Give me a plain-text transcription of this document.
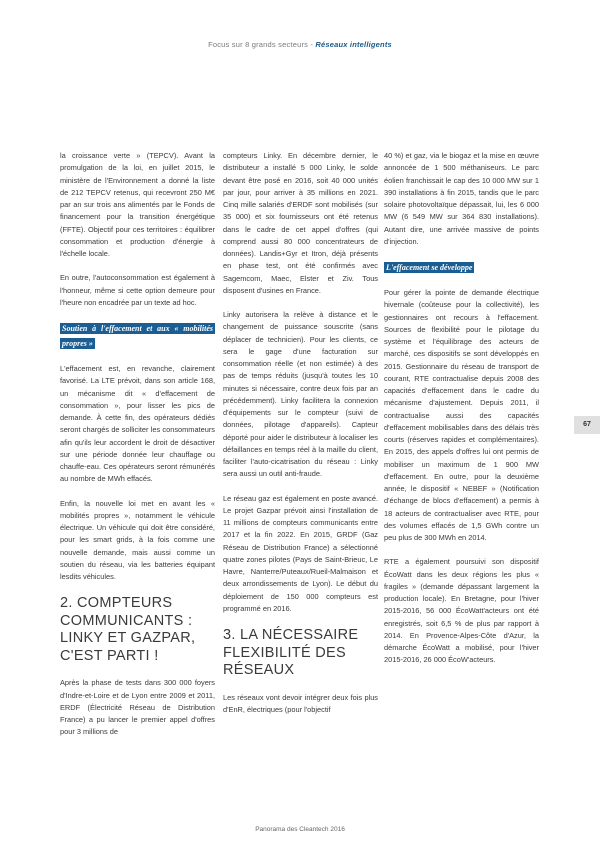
Focus sur 8 grands secteurs - Réseaux intelligents

la croissance verte » (TEPCV). Avant la promulgation de la loi, en juillet 2015, le ministère de l'Environnement a donné la liste de 212 TEPCV retenus, qui recevront 250 M€ par an sur trois ans alimentés par le Fonds de financement pour la transition énergétique (FFTE). Objectif pour ces territoires : équilibrer consommation et production d'énergie à l'échelle locale.

En outre, l'autoconsommation est également à l'honneur, même si cette option demeure pour l'heure non encadrée par un texte ad hoc.

Soutien à l'effacement et aux « mobilités propres »

L'effacement est, en revanche, clairement favorisé. La LTE prévoit, dans son article 168, un mécanisme dit « d'effacement de consommation », pour lisser les pics de demande. À cette fin, des opérateurs dédiés seront chargés de solliciter les consommateurs afin qu'ils leur accordent le droit de désactiver sur une période donnée leur chauffage ou chauffe-eau. Ces opérateurs seront rémunérés au nombre de MWh effacés.

Enfin, la nouvelle loi met en avant les « mobilités propres », notamment le véhicule électrique. Un véhicule qui doit être considéré, pour les smart grids, à la fois comme une nouvelle demande, mais aussi comme un soutien du réseau, via les batteries équipant lesdits véhicules.

2. COMPTEURS COMMUNICANTS : LINKY ET GAZPAR, C'EST PARTI !

Après la phase de tests dans 300 000 foyers d'Indre-et-Loire et de Lyon entre 2009 et 2011, ERDF (Électricité Réseau de Distribution France) a pu lancer le premier appel d'offres pour 3 millions de

compteurs Linky. En décembre dernier, le distributeur a installé 5 000 Linky, le solde devant être posé en 2016, soit 40 000 unités par jour, pour arriver à 35 millions en 2021. Cinq mille salariés d'ERDF sont mobilisés (sur 35 000) et six fournisseurs ont été retenus dans le cadre de cet appel d'offres (qui comprend aussi 80 000 concentrateurs de données). Landis+Gyr et Itron, déjà présents en phase test, ont été confirmés avec Sagemcom, Maec, Elster et Ziv. Tous disposent d'usines en France.

Linky autorisera la relève à distance et le changement de puissance souscrite (sans déplacer de technicien). Pour les clients, ce sera le gage d'une facturation sur consommation réelle (et non estimée) à des pas de temps réduits (jusqu'à toutes les 10 minutes si nécessaire, contre deux fois par an précédemment). Linky facilitera la connexion d'équipements sur le compteur (suivi de données, pilotage d'appareils). Capteur déporté pour aider le distributeur à localiser les défaillances en temps réel à la maille du client, faciliter l'auto-cicatrisation du réseau : Linky sera aussi un outil anti-fraude.

Le réseau gaz est également en poste avancé. Le projet Gazpar prévoit ainsi l'installation de 11 millions de compteurs communicants entre 2017 et la fin 2022. En 2015, GRDF (Gaz Réseau de Distribution France) a sélectionné quatre zones pilotes (Pays de Saint-Brieuc, Le Havre, Nanterre/Puteaux/Rueil-Malmaison et deux arrondissements de Lyon). Le début du déploiement de 150 000 compteurs est programmé en 2016.

3. LA NÉCESSAIRE FLEXIBILITÉ DES RÉSEAUX

Les réseaux vont devoir intégrer deux fois plus d'EnR, électriques (pour l'objectif

40 %) et gaz, via le biogaz et la mise en œuvre annoncée de 1 500 méthaniseurs. Le parc éolien franchissait le cap des 10 000 MW sur 1 390 installations à fin 2015, tandis que le parc solaire photovoltaïque dépassait, lui, les 6 000 MW (6 549 MW sur 364 830 installations). Autant dire, une arrivée massive de points d'injection.

L'effacement se développe

Pour gérer la pointe de demande électrique hivernale (coûteuse pour la collectivité), les gestionnaires ont recours à l'effacement. Sources de flexibilité pour le pilotage du système et l'équilibrage des acteurs de marché, ces dispositifs se sont développés en 2015. Gestionnaire du réseau de transport de courant, RTE contractualise depuis 2008 des capacités d'effacement dans le cadre du mécanisme d'ajustement. Depuis 2011, il contractualise aussi des capacités d'effacement mobilisables dans des délais très courts (réserves rapides et complémentaires). En 2015, des appels d'offres lui ont permis de mobiliser un maximum de 1 900 MW d'effacement. En outre, pour la deuxième année, le dispositif « NEBEF » (Notification d'échange de blocs d'effacement) a permis à 18 acteurs de contractualiser avec RTE, pour des volumes effacés de 1,5 GWh contre un peu plus de 300 MWh en 2014.

RTE a également poursuivi son dispositif ÉcoWatt dans les deux régions les plus « fragiles » (demande dépassant largement la production locale). En Bretagne, pour l'hiver 2015-2016, 56 000 ÉcoWatt'acteurs ont été enregistrés, soit 6,5 % de plus par rapport à 2014. En Provence-Alpes-Côte d'Azur, la démarche ÉcoWatt a mobilisé, pour l'hiver 2015-2016, 26 000 ÉcoW'acteurs.

67
Panorama des Cleantech 2016
